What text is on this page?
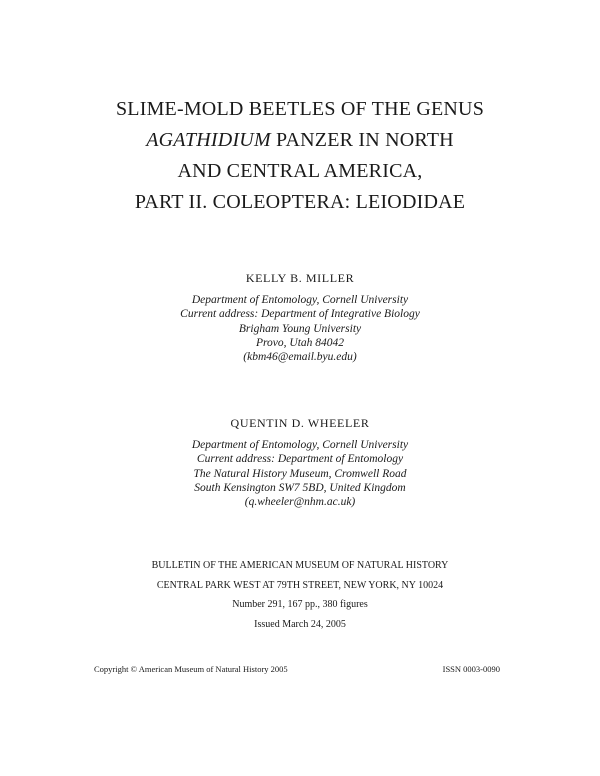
SLIME-MOLD BEETLES OF THE GENUS
AGATHIDIUM PANZER IN NORTH
AND CENTRAL AMERICA,
PART II. COLEOPTERA: LEIODIDAE
KELLY B. MILLER
Department of Entomology, Cornell University
Current address: Department of Integrative Biology
Brigham Young University
Provo, Utah 84042
(kbm46@email.byu.edu)
QUENTIN D. WHEELER
Department of Entomology, Cornell University
Current address: Department of Entomology
The Natural History Museum, Cromwell Road
South Kensington SW7 5BD, United Kingdom
(q.wheeler@nhm.ac.uk)
BULLETIN OF THE AMERICAN MUSEUM OF NATURAL HISTORY
CENTRAL PARK WEST AT 79TH STREET, NEW YORK, NY 10024
Number 291, 167 pp., 380 figures
Issued March 24, 2005
Copyright © American Museum of Natural History 2005	ISSN 0003-0090
